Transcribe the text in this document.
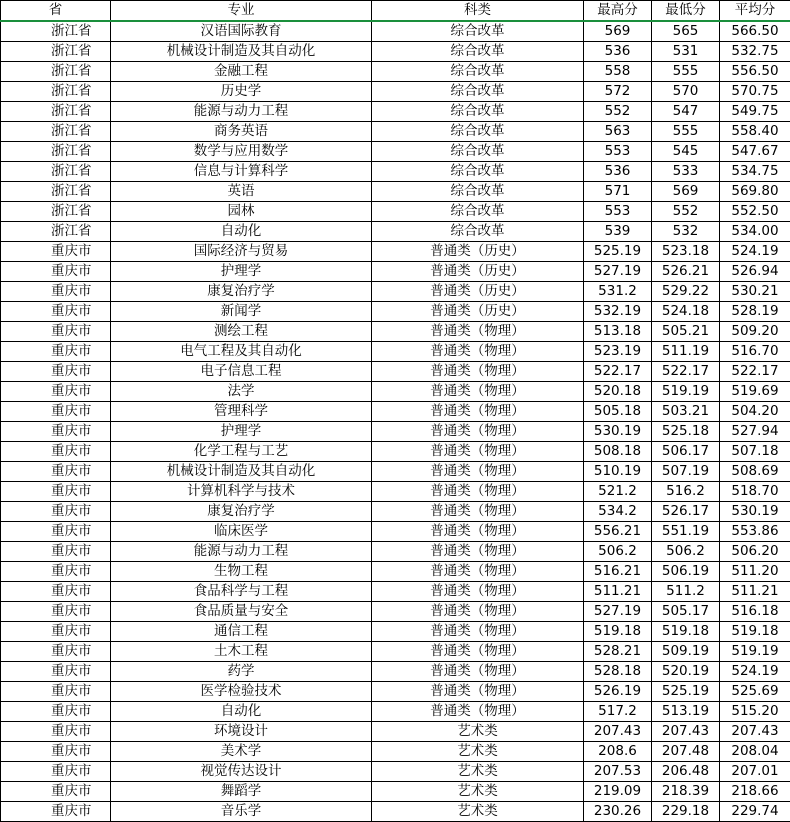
省	专业	科类	最高分	最低分	平均分
浙江省	汉语国际教育	综合改革	569	565	566.50
浙江省	机械设计制造及其自动化	综合改革	536	531	532.75
浙江省	金融工程	综合改革	558	555	556.50
浙江省	历史学	综合改革	572	570	570.75
浙江省	能源与动力工程	综合改革	552	547	549.75
浙江省	商务英语	综合改革	563	555	558.40
浙江省	数学与应用数学	综合改革	553	545	547.67
浙江省	信息与计算科学	综合改革	536	533	534.75
浙江省	英语	综合改革	571	569	569.80
浙江省	园林	综合改革	553	552	552.50
浙江省	自动化	综合改革	539	532	534.00
重庆市	国际经济与贸易	普通类（历史）	525.19	523.18	524.19
重庆市	护理学	普通类（历史）	527.19	526.21	526.94
重庆市	康复治疗学	普通类（历史）	531.2	529.22	530.21
重庆市	新闻学	普通类（历史）	532.19	524.18	528.19
重庆市	测绘工程	普通类（物理）	513.18	505.21	509.20
重庆市	电气工程及其自动化	普通类（物理）	523.19	511.19	516.70
重庆市	电子信息工程	普通类（物理）	522.17	522.17	522.17
重庆市	法学	普通类（物理）	520.18	519.19	519.69
重庆市	管理科学	普通类（物理）	505.18	503.21	504.20
重庆市	护理学	普通类（物理）	530.19	525.18	527.94
重庆市	化学工程与工艺	普通类（物理）	508.18	506.17	507.18
重庆市	机械设计制造及其自动化	普通类（物理）	510.19	507.19	508.69
重庆市	计算机科学与技术	普通类（物理）	521.2	516.2	518.70
重庆市	康复治疗学	普通类（物理）	534.2	526.17	530.19
重庆市	临床医学	普通类（物理）	556.21	551.19	553.86
重庆市	能源与动力工程	普通类（物理）	506.2	506.2	506.20
重庆市	生物工程	普通类（物理）	516.21	506.19	511.20
重庆市	食品科学与工程	普通类（物理）	511.21	511.2	511.21
重庆市	食品质量与安全	普通类（物理）	527.19	505.17	516.18
重庆市	通信工程	普通类（物理）	519.18	519.18	519.18
重庆市	土木工程	普通类（物理）	528.21	509.19	519.19
重庆市	药学	普通类（物理）	528.18	520.19	524.19
重庆市	医学检验技术	普通类（物理）	526.19	525.19	525.69
重庆市	自动化	普通类（物理）	517.2	513.19	515.20
重庆市	环境设计	艺术类	207.43	207.43	207.43
重庆市	美术学	艺术类	208.6	207.48	208.04
重庆市	视觉传达设计	艺术类	207.53	206.48	207.01
重庆市	舞蹈学	艺术类	219.09	218.39	218.66
重庆市	音乐学	艺术类	230.26	229.18	229.74
